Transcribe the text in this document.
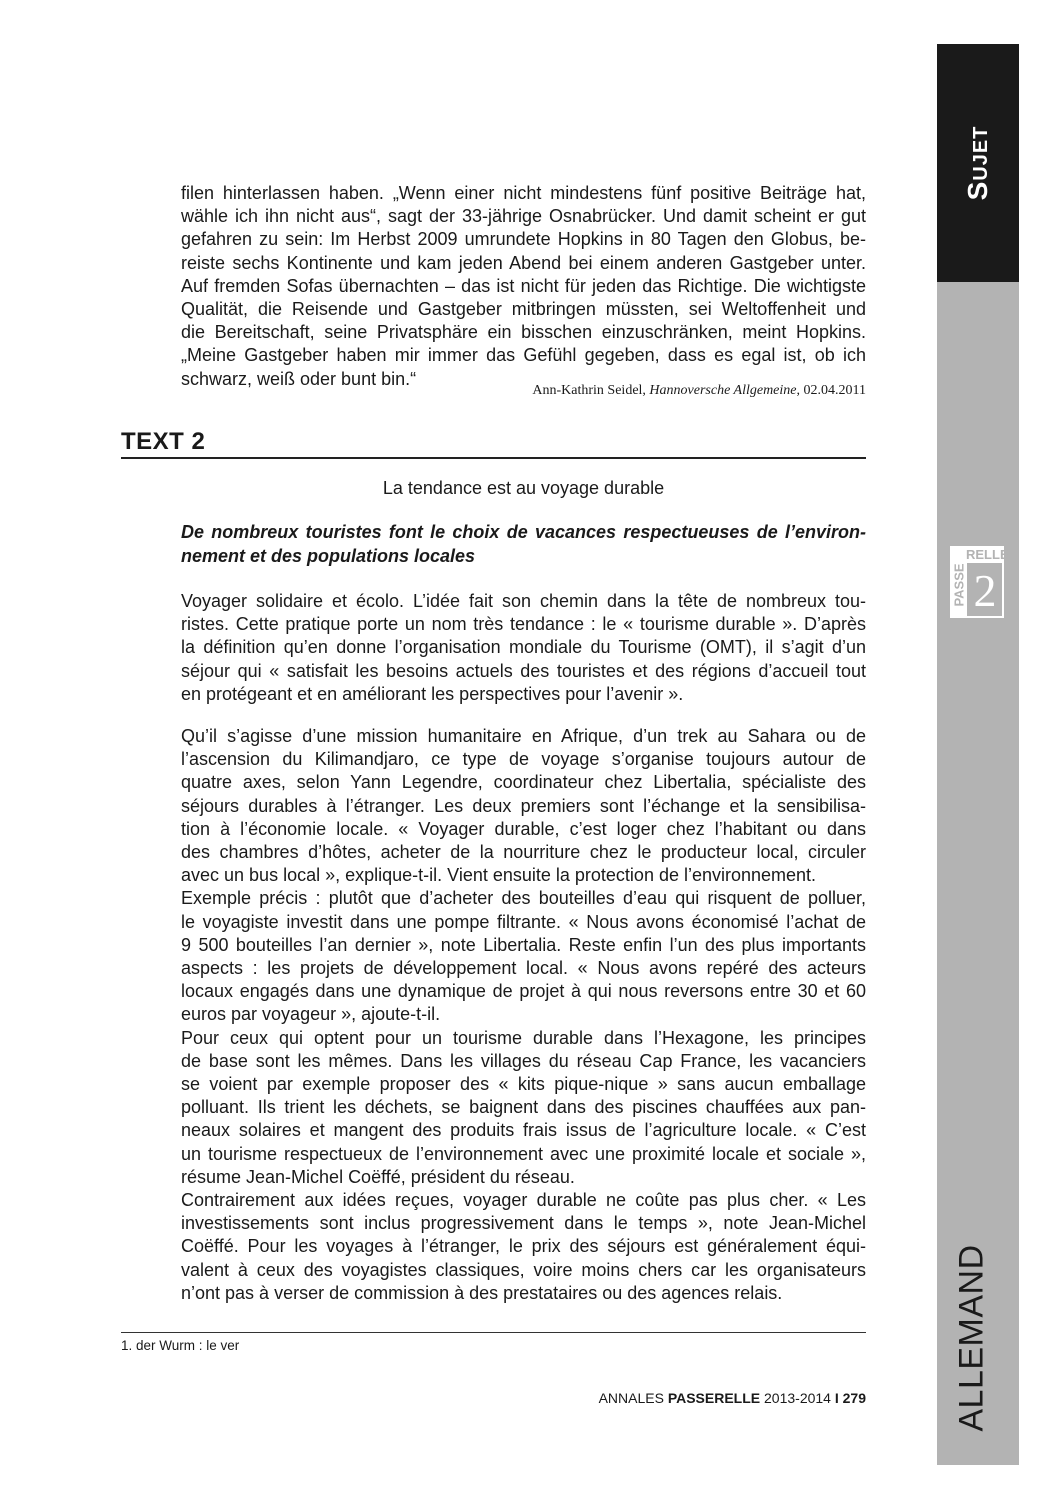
filen hinterlassen haben. „Wenn einer nicht mindestens fünf positive Beiträge hat,
wähle ich ihn nicht aus“, sagt der 33-jährige Osnabrücker. Und damit scheint er gut
gefahren zu sein: Im Herbst 2009 umrundete Hopkins in 80 Tagen den Globus, be-
reiste sechs Kontinente und kam jeden Abend bei einem anderen Gastgeber unter.
Auf fremden Sofas übernachten – das ist nicht für jeden das Richtige. Die wichtigste
Qualität, die Reisende und Gastgeber mitbringen müssten, sei Weltoffenheit und
die Bereitschaft, seine Privatsphäre ein bisschen einzuschränken, meint Hopkins.
„Meine Gastgeber haben mir immer das Gefühl gegeben, dass es egal ist, ob ich
schwarz, weiß oder bunt bin.“
Ann-Kathrin Seidel, Hannoversche Allgemeine, 02.04.2011
TEXT 2
La tendance est au voyage durable
De nombreux touristes font le choix de vacances respectueuses de l’environ-
nement et des populations locales
Voyager solidaire et écolo. L’idée fait son chemin dans la tête de nombreux tou-
ristes. Cette pratique porte un nom très tendance : le « tourisme durable ». D’après
la définition qu’en donne l’organisation mondiale du Tourisme (OMT), il s’agit d’un
séjour qui « satisfait les besoins actuels des touristes et des régions d’accueil tout
en protégeant et en améliorant les perspectives pour l’avenir ».
Qu’il s’agisse d’une mission humanitaire en Afrique, d’un trek au Sahara ou de
l’ascension du Kilimandjaro, ce type de voyage s’organise toujours autour de
quatre axes, selon Yann Legendre, coordinateur chez Libertalia, spécialiste des
séjours durables à l’étranger. Les deux premiers sont l’échange et la sensibilisa-
tion à l’économie locale. « Voyager durable, c’est loger chez l’habitant ou dans
des chambres d’hôtes, acheter de la nourriture chez le producteur local, circuler
avec un bus local », explique-t-il. Vient ensuite la protection de l’environnement.
Exemple précis : plutôt que d’acheter des bouteilles d’eau qui risquent de polluer,
le voyagiste investit dans une pompe filtrante. « Nous avons économisé l’achat de
9 500 bouteilles l’an dernier », note Libertalia. Reste enfin l’un des plus importants
aspects : les projets de développement local. « Nous avons repéré des acteurs
locaux engagés dans une dynamique de projet à qui nous reversons entre 30 et 60
euros par voyageur », ajoute-t-il.
Pour ceux qui optent pour un tourisme durable dans l’Hexagone, les principes
de base sont les mêmes. Dans les villages du réseau Cap France, les vacanciers
se voient par exemple proposer des « kits pique-nique » sans aucun emballage
polluant. Ils trient les déchets, se baignent dans des piscines chauffées aux pan-
neaux solaires et mangent des produits frais issus de l’agriculture locale. « C’est
un tourisme respectueux de l’environnement avec une proximité locale et sociale »,
résume Jean-Michel Coëffé, président du réseau.
Contrairement aux idées reçues, voyager durable ne coûte pas plus cher. « Les
investissements sont inclus progressivement dans le temps », note Jean-Michel
Coëffé. Pour les voyages à l’étranger, le prix des séjours est généralement équi-
valent à ceux des voyagistes classiques, voire moins chers car les organisateurs
n’ont pas à verser de commission à des prestataires ou des agences relais.
1. der Wurm : le ver
ANNALES PASSERELLE 2013-2014 I 279
Sujet
PASSE
RELLE
2
ALLEMAND
